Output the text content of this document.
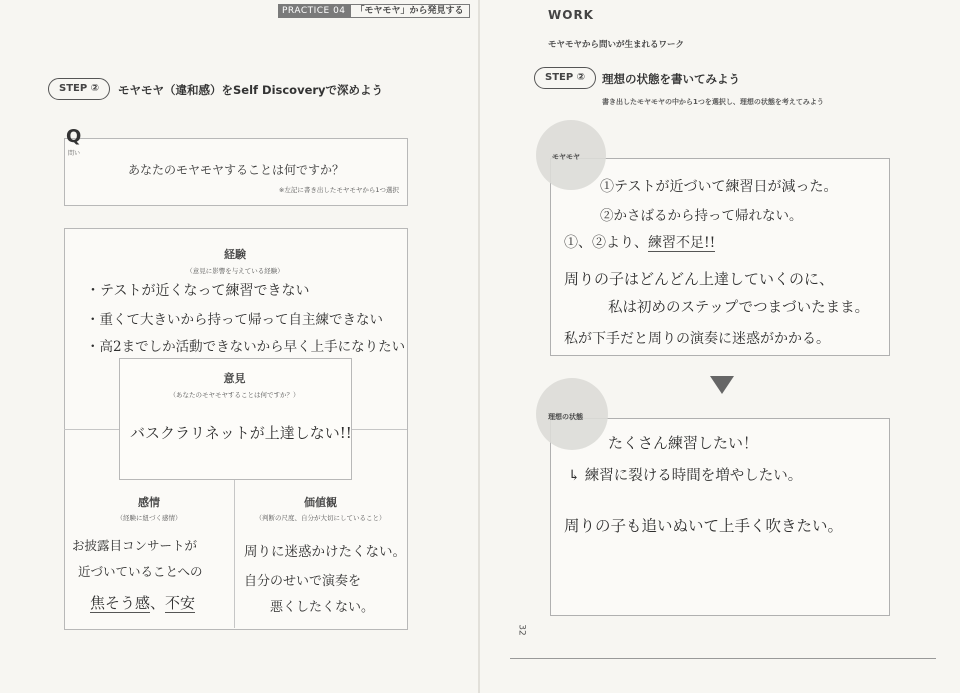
PRACTICE 04	「モヤモヤ」から発見する
STEP ②	モヤモヤ（違和感）をSelf Discoveryで深めよう
あなたのモヤモヤすることは何ですか？
※左記に書き出したモヤモヤから1つ選択
Q
問い
経験
（意見に影響を与えている経験）
・テストが近くなって練習できない
・重くて大きいから持って帰って自主練できない
・高2までしか活動できないから早く上手になりたい
意見
（あなたのモヤモヤすることは何ですか？）
バスクラリネットが上達しない!!
感情
（経験に紐づく感情）
お披露目コンサートが
近づいていることへの
焦そう感、不安
価値観
（判断の尺度、自分が大切にしていること）
周りに迷惑かけたくない。
自分のせいで演奏を
悪くしたくない。
WORK
モヤモヤから問いが生まれるワーク
STEP ②	理想の状態を書いてみよう
書き出したモヤモヤの中から1つを選択し、理想の状態を考えてみよう
モヤモヤ
①テストが近づいて練習日が減った。
②かさばるから持って帰れない。
①、②より、練習不足!!
周りの子はどんどん上達していくのに、
私は初めのステップでつまづいたまま。
私が下手だと周りの演奏に迷惑がかかる。
理想の状態
たくさん練習したい！
↳ 練習に裂ける時間を増やしたい。
周りの子も追いぬいて上手く吹きたい。
32
